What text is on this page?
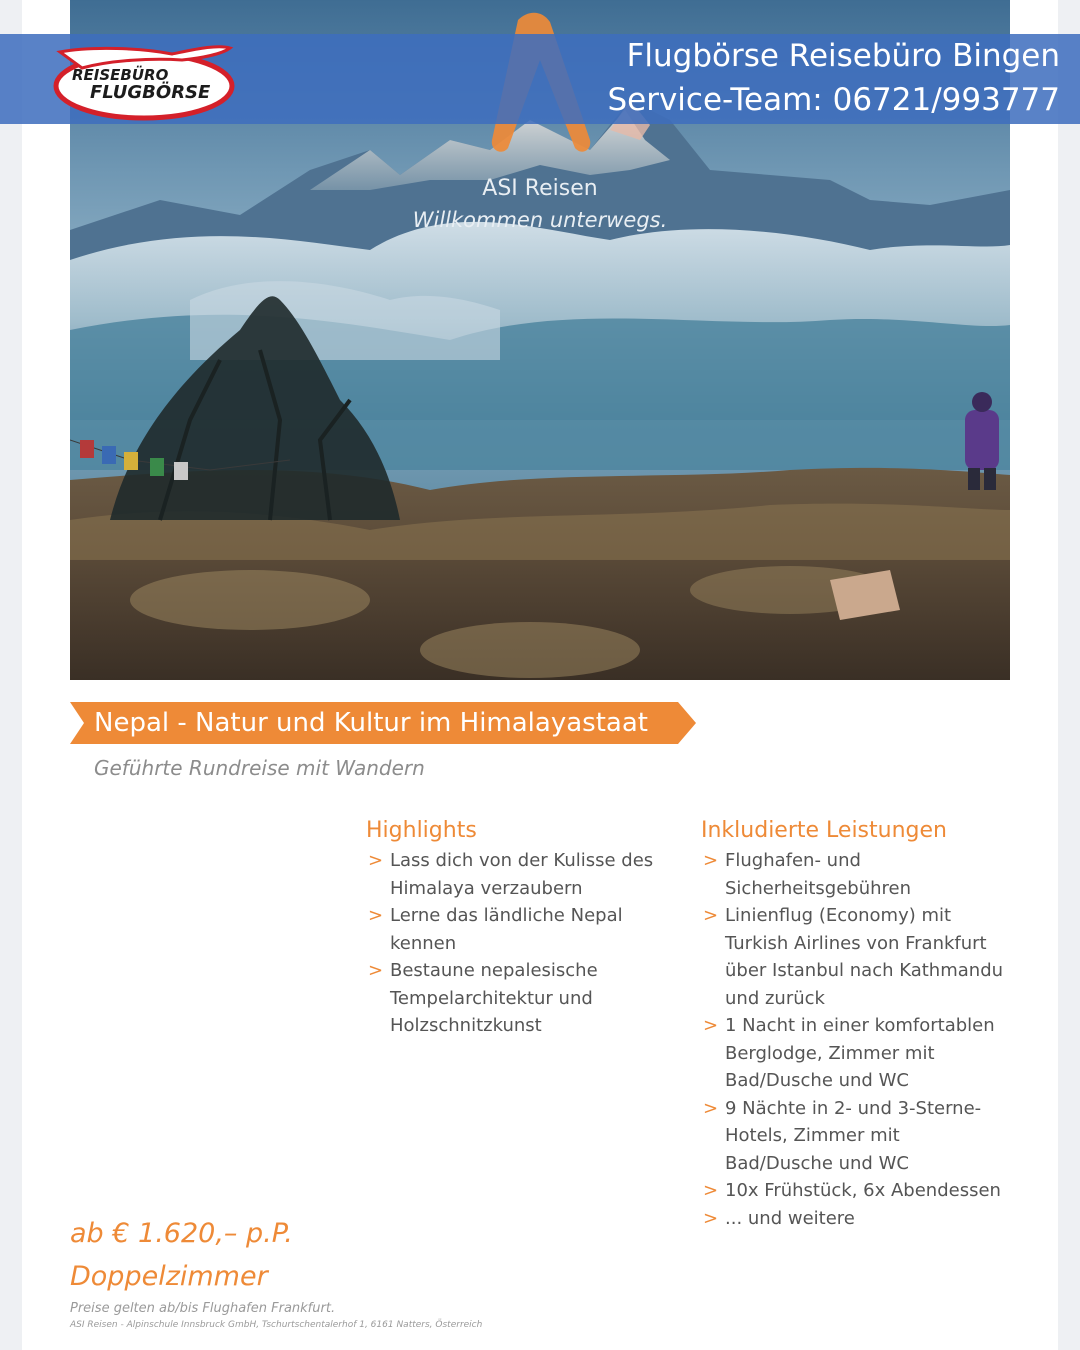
ASI Reisen
Willkommen unterwegs.
Flugbörse Reisebüro Bingen
Service-Team: 06721/993777
REISEBÜRO
FLUGBÖRSE
Nepal - Natur und Kultur im Himalayastaat
Geführte Rundreise mit Wandern
Highlights
> Lass dich von der Kulisse des
Himalaya verzaubern
> Lerne das ländliche Nepal
kennen
> Bestaune nepalesische
Tempelarchitektur und
Holzschnitzkunst
Inkludierte Leistungen
> Flughafen- und
Sicherheitsgebühren
> Linienflug (Economy) mit
Turkish Airlines von Frankfurt
über Istanbul nach Kathmandu
und zurück
> 1 Nacht in einer komfortablen
Berglodge, Zimmer mit
Bad/Dusche und WC
> 9 Nächte in 2- und 3-Sterne-
Hotels, Zimmer mit
Bad/Dusche und WC
> 10x Frühstück, 6x Abendessen
> ... und weitere
ab € 1.620,– p.P.
Doppelzimmer
Preise gelten ab/bis Flughafen Frankfurt.
ASI Reisen - Alpinschule Innsbruck GmbH, Tschurtschentalerhof 1, 6161 Natters, Österreich
